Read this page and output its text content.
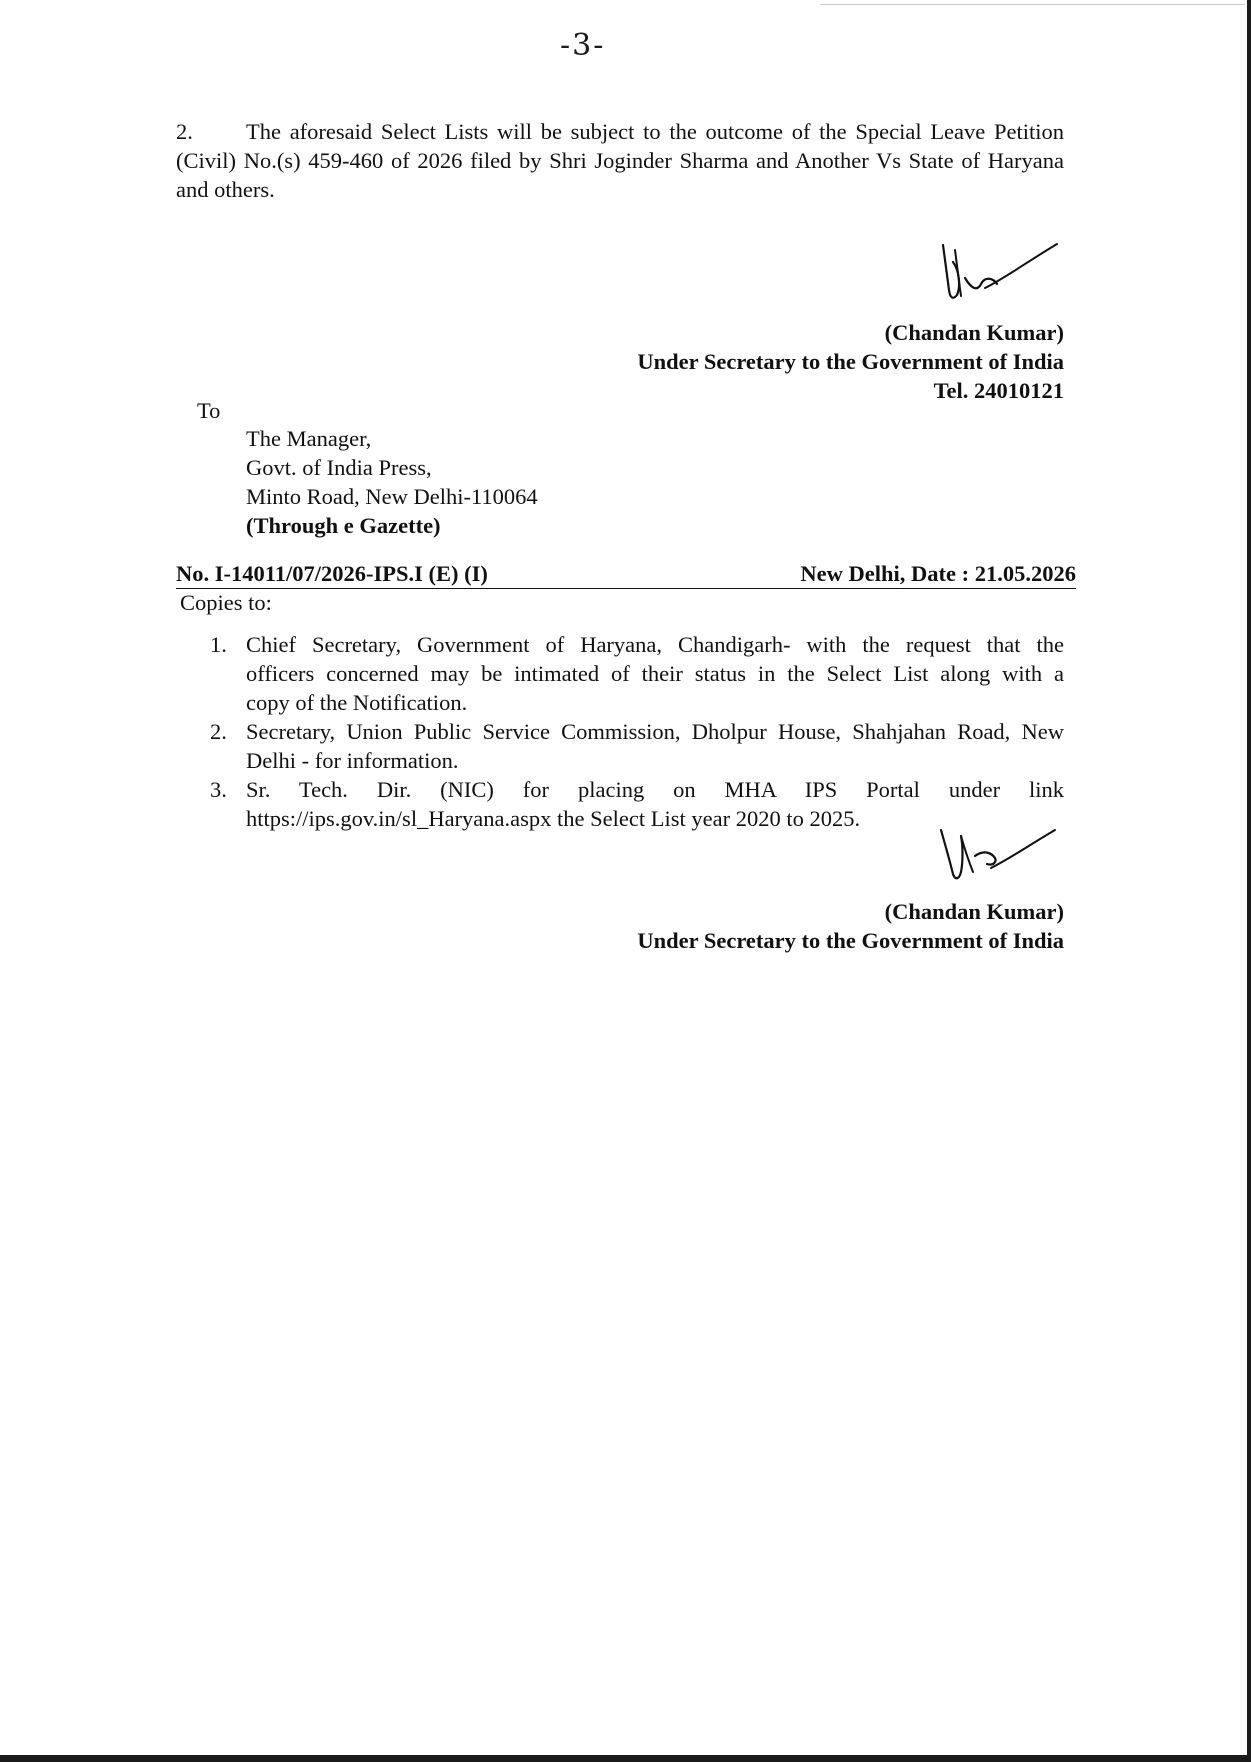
-3-
2. The aforesaid Select Lists will be subject to the outcome of the Special Leave Petition (Civil) No.(s) 459-460 of 2026 filed by Shri Joginder Sharma and Another Vs State of Haryana and others.
(Chandan Kumar)
Under Secretary to the Government of India
Tel. 24010121
To
The Manager,
Govt. of India Press,
Minto Road, New Delhi-110064
(Through e Gazette)
No. I-14011/07/2026-IPS.I (E) (I)	New Delhi, Date : 21.05.2026
Copies to:
1. Chief Secretary, Government of Haryana, Chandigarh- with the request that the
officers concerned may be intimated of their status in the Select List along with a
copy of the Notification.
2. Secretary, Union Public Service Commission, Dholpur House, Shahjahan Road, New
Delhi - for information.
3. Sr. Tech. Dir. (NIC) for placing on MHA IPS Portal under link
https://ips.gov.in/sl_Haryana.aspx the Select List year 2020 to 2025.
(Chandan Kumar)
Under Secretary to the Government of India
